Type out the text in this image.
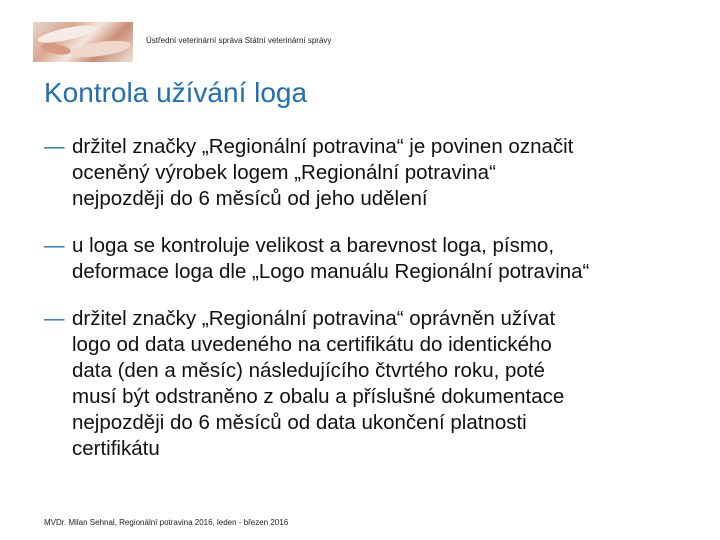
Ústřední veterinární správa Státní veterinární správy
Kontrola užívání loga
— držitel značky „Regionální potravina“ je povinen označit
oceněný výrobek logem „Regionální potravina“
nejpozději do 6 měsíců od jeho udělení
— u loga se kontroluje velikost a barevnost loga, písmo,
deformace loga dle „Logo manuálu Regionální potravina“
— držitel značky „Regionální potravina“ oprávněn užívat
logo od data uvedeného na certifikátu do identického
data (den a měsíc) následujícího čtvrtého roku, poté
musí být odstraněno z obalu a příslušné dokumentace
nejpozději do 6 měsíců od data ukončení platnosti
certifikátu
MVDr. Milan Sehnal, Regionální potravina 2016, leden - březen 2016
